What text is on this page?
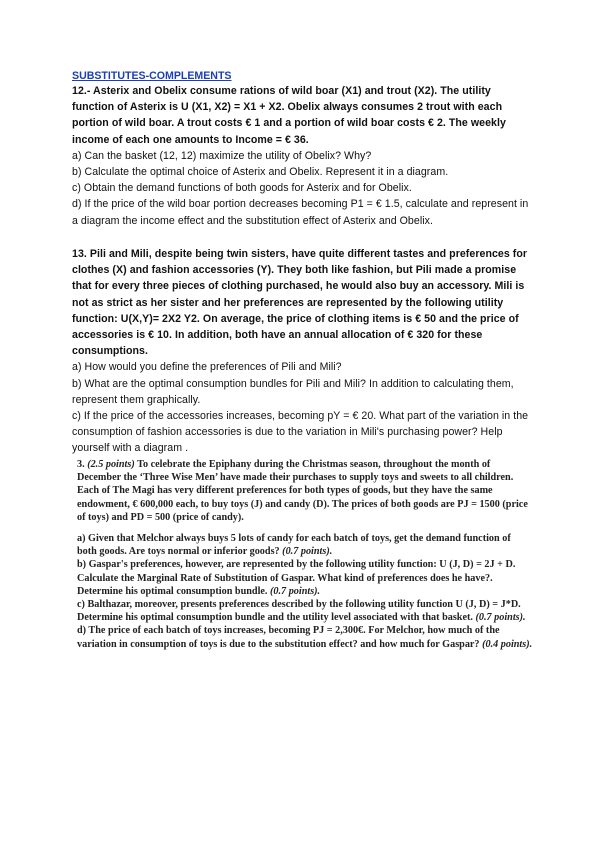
SUBSTITUTES-COMPLEMENTS

12.- Asterix and Obelix consume rations of wild boar (X1) and trout (X2). The utility function of Asterix is U (X1, X2) = X1 + X2. Obelix always consumes 2 trout with each portion of wild boar. A trout costs € 1 and a portion of wild boar costs € 2. The weekly income of each one amounts to Income = € 36.

a) Can the basket (12, 12) maximize the utility of Obelix? Why?

b) Calculate the optimal choice of Asterix and Obelix. Represent it in a diagram.

c) Obtain the demand functions of both goods for Asterix and for Obelix.

d) If the price of the wild boar portion decreases becoming P1 = € 1.5, calculate and represent in a diagram the income effect and the substitution effect of Asterix and Obelix.

13. Pili and Mili, despite being twin sisters, have quite different tastes and preferences for clothes (X) and fashion accessories (Y). They both like fashion, but Pili made a promise that for every three pieces of clothing purchased, he would also buy an accessory. Mili is not as strict as her sister and her preferences are represented by the following utility function: U(X,Y)= 2X2 Y2. On average, the price of clothing items is € 50 and the price of accessories is € 10. In addition, both have an annual allocation of € 320 for these consumptions.

a) How would you define the preferences of Pili and Mili?

b) What are the optimal consumption bundles for Pili and Mili? In addition to calculating them, represent them graphically.

c) If the price of the accessories increases, becoming pY = € 20. What part of the variation in the consumption of fashion accessories is due to the variation in Mili's purchasing power? Help yourself with a diagram .

3. (2.5 points) To celebrate the Epiphany during the Christmas season, throughout the month of December the ‘Three Wise Men’ have made their purchases to supply toys and sweets to all children. Each of The Magi has very different preferences for both types of goods, but they have the same endowment, € 600,000 each, to buy toys (J) and candy (D). The prices of both goods are PJ = 1500 (price of toys) and PD = 500 (price of candy).

a) Given that Melchor always buys 5 lots of candy for each batch of toys, get the demand function of both goods. Are toys normal or inferior goods? (0.7 points).

b) Gaspar's preferences, however, are represented by the following utility function: U (J, D) = 2J + D. Calculate the Marginal Rate of Substitution of Gaspar. What kind of preferences does he have?. Determine his optimal consumption bundle. (0.7 points).

c) Balthazar, moreover, presents preferences described by the following utility function U (J, D) = J*D. Determine his optimal consumption bundle and the utility level associated with that basket. (0.7 points).

d) The price of each batch of toys increases, becoming PJ = 2,300€. For Melchor, how much of the variation in consumption of toys is due to the substitution effect? and how much for Gaspar? (0.4 points).
